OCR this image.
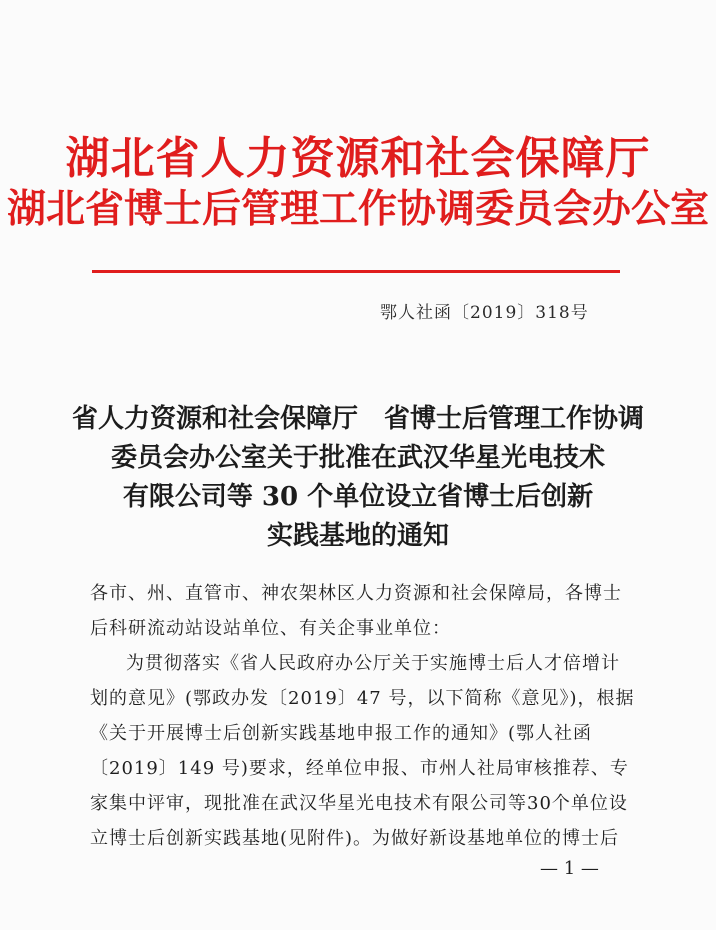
湖北省人力资源和社会保障厅
湖北省博士后管理工作协调委员会办公室
鄂人社函〔2019〕318号
省人力资源和社会保障厅　省博士后管理工作协调
委员会办公室关于批准在武汉华星光电技术
有限公司等 30 个单位设立省博士后创新
实践基地的通知
各市、州、直管市、神农架林区人力资源和社会保障局，各博士
后科研流动站设站单位、有关企事业单位：
为贯彻落实《省人民政府办公厅关于实施博士后人才倍增计
划的意见》(鄂政办发〔2019〕47 号，以下简称《意见》)，根据
《关于开展博士后创新实践基地申报工作的通知》(鄂人社函
〔2019〕149 号)要求，经单位申报、市州人社局审核推荐、专
家集中评审，现批准在武汉华星光电技术有限公司等30个单位设
立博士后创新实践基地(见附件)。为做好新设基地单位的博士后
— 1 —
